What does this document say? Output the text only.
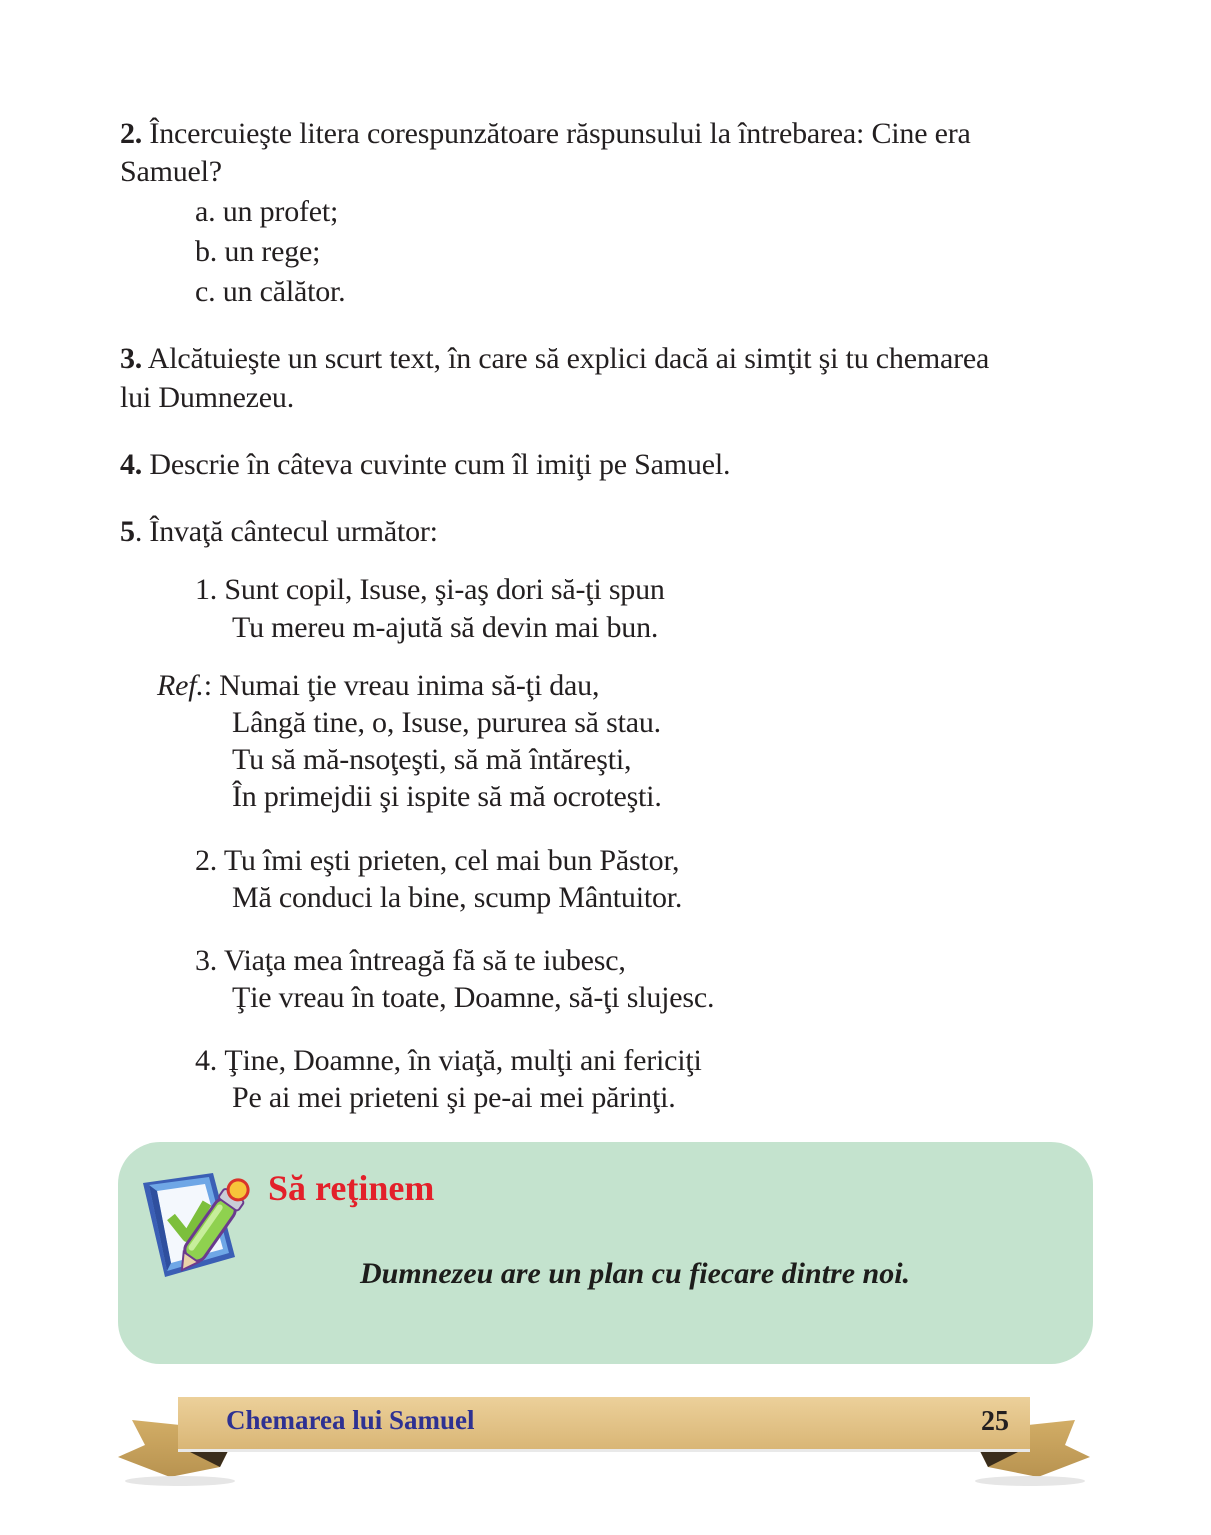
2. Încercuieşte litera corespunzătoare răspunsului la întrebarea: Cine era
Samuel?
a. un profet;
b. un rege;
c. un călător.
3. Alcătuieşte un scurt text, în care să explici dacă ai simţit şi tu chemarea
lui Dumnezeu.
4. Descrie în câteva cuvinte cum îl imiţi pe Samuel.
5. Învaţă cântecul următor:
1. Sunt copil, Isuse, şi-aş dori să-ţi spun
Tu mereu m-ajută să devin mai bun.
Ref.: Numai ţie vreau inima să-ţi dau,
Lângă tine, o, Isuse, pururea să stau.
Tu să mă-nsoţeşti, să mă întăreşti,
În primejdii şi ispite să mă ocroteşti.
2. Tu îmi eşti prieten, cel mai bun Păstor,
Mă conduci la bine, scump Mântuitor.
3. Viaţa mea întreagă fă să te iubesc,
Ţie vreau în toate, Doamne, să-ţi slujesc.
4. Ţine, Doamne, în viaţă, mulţi ani fericiţi
Pe ai mei prieteni şi pe-ai mei părinţi.
Să reţinem
Dumnezeu are un plan cu fiecare dintre noi.
Chemarea lui Samuel	25
